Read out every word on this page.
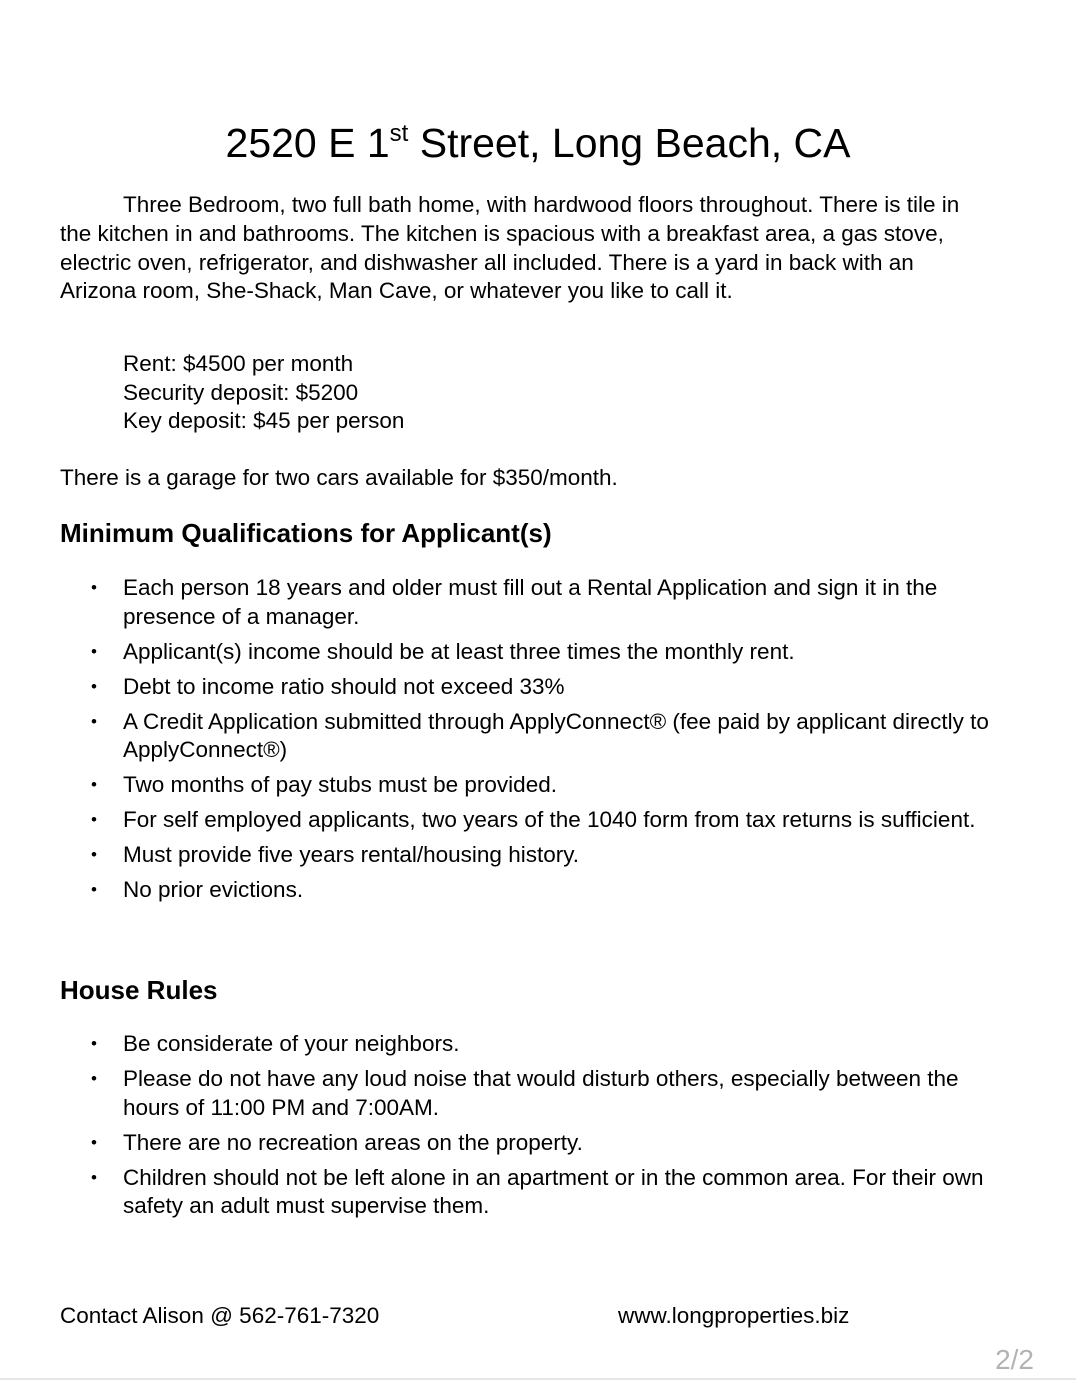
2520 E 1st Street, Long Beach, CA

Three Bedroom, two full bath home, with hardwood floors throughout. There is tile in the kitchen in and bathrooms. The kitchen is spacious with a breakfast area, a gas stove, electric oven, refrigerator, and dishwasher all included. There is a yard in back with an Arizona room, She-Shack, Man Cave, or whatever you like to call it.

Rent: $4500 per month
Security deposit: $5200
Key deposit: $45 per person

There is a garage for two cars available for $350/month.

Minimum Qualifications for Applicant(s)
• Each person 18 years and older must fill out a Rental Application and sign it in the presence of a manager.
• Applicant(s) income should be at least three times the monthly rent.
• Debt to income ratio should not exceed 33%
• A Credit Application submitted through ApplyConnect® (fee paid by applicant directly to ApplyConnect®)
• Two months of pay stubs must be provided.
• For self employed applicants, two years of the 1040 form from tax returns is sufficient.
• Must provide five years rental/housing history.
• No prior evictions.
House Rules
• Be considerate of your neighbors.
• Please do not have any loud noise that would disturb others, especially between the hours of 11:00 PM and 7:00AM.
• There are no recreation areas on the property.
• Children should not be left alone in an apartment or in the common area. For their own safety an adult must supervise them.

Contact Alison @ 562-761-7320	www.longproperties.biz

2/2
